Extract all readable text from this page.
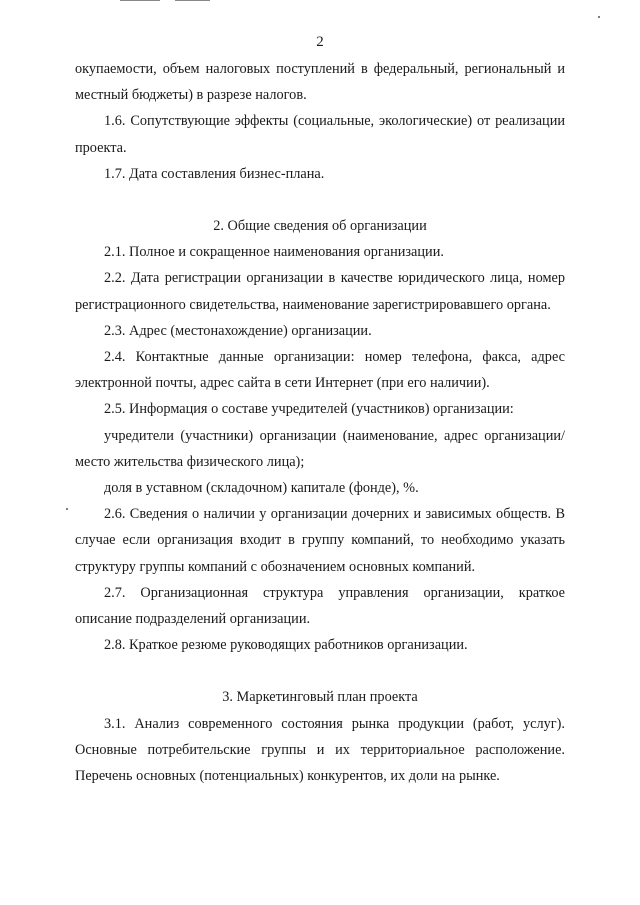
2

окупаемости, объем налоговых поступлений в федеральный, региональный и местный бюджеты) в разрезе налогов.

1.6. Сопутствующие эффекты (социальные, экологические) от реализации проекта.

1.7. Дата составления бизнес-плана.

2. Общие сведения об организации

2.1. Полное и сокращенное наименования организации.

2.2. Дата регистрации организации в качестве юридического лица, номер регистрационного свидетельства, наименование зарегистрировавшего органа.

2.3. Адрес (местонахождение) организации.

2.4. Контактные данные организации: номер телефона, факса, адрес электронной почты, адрес сайта в сети Интернет (при его наличии).

2.5. Информация о составе учредителей (участников) организации:

учредители (участники) организации (наименование, адрес организации/место жительства физического лица);

доля в уставном (складочном) капитале (фонде), %.

2.6. Сведения о наличии у организации дочерних и зависимых обществ. В случае если организация входит в группу компаний, то необходимо указать структуру группы компаний с обозначением основных компаний.

2.7. Организационная структура управления организации, краткое описание подразделений организации.

2.8. Краткое резюме руководящих работников организации.

3. Маркетинговый план проекта

3.1. Анализ современного состояния рынка продукции (работ, услуг). Основные потребительские группы и их территориальное расположение. Перечень основных (потенциальных) конкурентов, их доли на рынке.
